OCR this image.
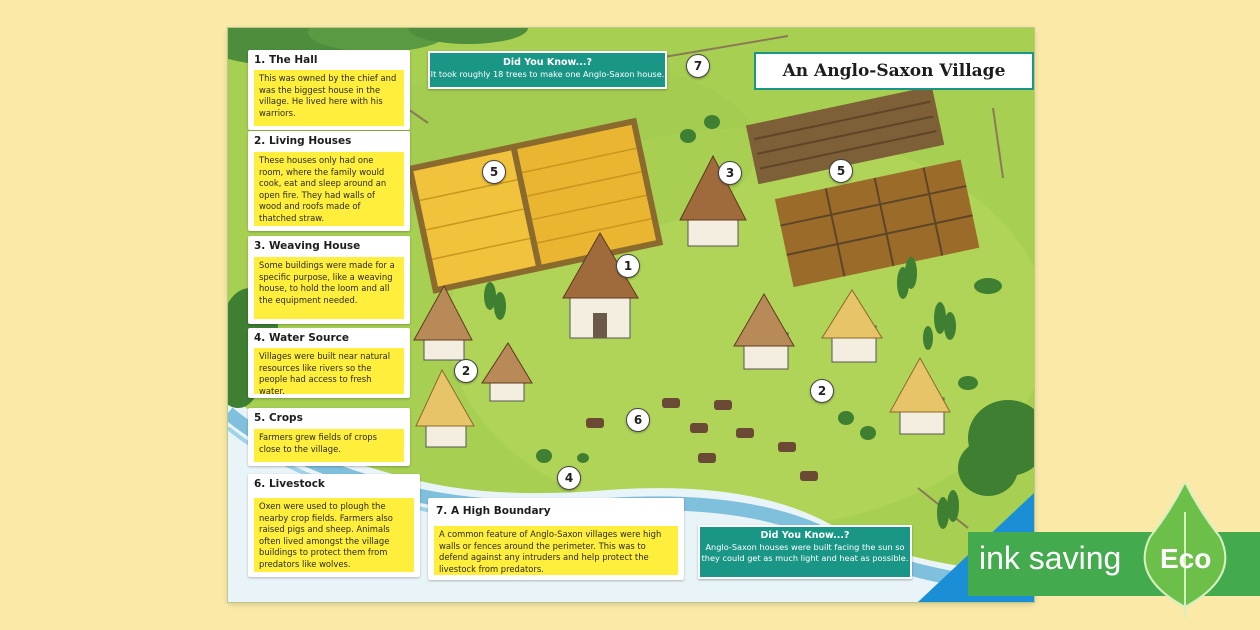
7
5	3	5
1
2
2
6
4
An Anglo-Saxon Village
Did You Know...?
It took roughly 18 trees to make one Anglo-Saxon house.
Did You Know...?
Anglo-Saxon houses were built facing the sun so they could get as much light and heat as possible.
1. The Hall
This was owned by the chief and was the biggest house in the village. He lived here with his warriors.
2. Living Houses
These houses only had one room, where the family would cook, eat and sleep around an open fire. They had walls of wood and roofs made of thatched straw.
3. Weaving House
Some buildings were made for a specific purpose, like a weaving house, to hold the loom and all the equipment needed.
4. Water Source
Villages were built near natural resources like rivers so the people had access to fresh water.
5. Crops
Farmers grew fields of crops close to the village.
6. Livestock
Oxen were used to plough the nearby crop fields. Farmers also raised pigs and sheep. Animals often lived amongst the village buildings to protect them from predators like wolves.
7. A High Boundary
A common feature of Anglo-Saxon villages were high walls or fences around the perimeter. This was to defend against any intruders and help protect the livestock from predators.	ink saving Eco
